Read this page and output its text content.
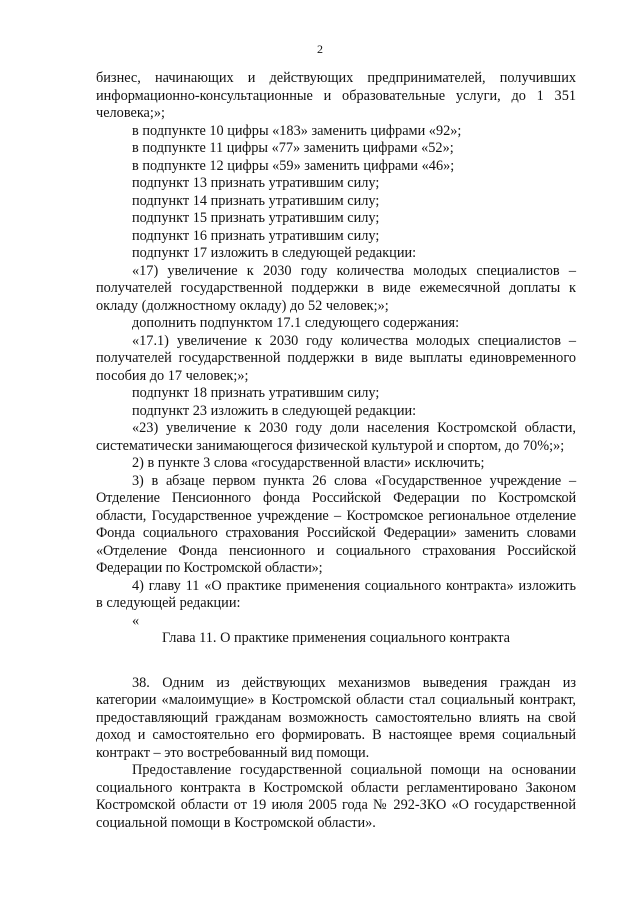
2

бизнес, начинающих и действующих предпринимателей, получивших информационно-консультационные и образовательные услуги, до 1 351 человека;»;

в подпункте 10 цифры «183» заменить цифрами «92»;

в подпункте 11 цифры «77» заменить цифрами «52»;

в подпункте 12 цифры «59» заменить цифрами «46»;

подпункт 13 признать утратившим силу;

подпункт 14 признать утратившим силу;

подпункт 15 признать утратившим силу;

подпункт 16 признать утратившим силу;

подпункт 17 изложить в следующей редакции:

«17) увеличение к 2030 году количества молодых специалистов – получателей государственной поддержки в виде ежемесячной доплаты к окладу (должностному окладу) до 52 человек;»;

дополнить подпунктом 17.1 следующего содержания:

«17.1) увеличение к 2030 году количества молодых специалистов – получателей государственной поддержки в виде выплаты единовременного пособия до 17 человек;»;

подпункт 18 признать утратившим силу;

подпункт 23 изложить в следующей редакции:

«23) увеличение к 2030 году доли населения Костромской области, систематически занимающегося физической культурой и спортом, до 70%;»;

2) в пункте 3 слова «государственной власти» исключить;

3) в абзаце первом пункта 26 слова «Государственное учреждение – Отделение Пенсионного фонда Российской Федерации по Костромской области, Государственное учреждение – Костромское региональное отделение Фонда социального страхования Российской Федерации» заменить словами «Отделение Фонда пенсионного и социального страхования Российской Федерации по Костромской области»;

4) главу 11 «О практике применения социального контракта» изложить в следующей редакции:

«

Глава 11. О практике применения социального контракта

38. Одним из действующих механизмов выведения граждан из категории «малоимущие» в Костромской области стал социальный контракт, предоставляющий гражданам возможность самостоятельно влиять на свой доход и самостоятельно его формировать. В настоящее время социальный контракт – это востребованный вид помощи.

Предоставление государственной социальной помощи на основании социального контракта в Костромской области регламентировано Законом Костромской области от 19 июля 2005 года № 292-ЗКО «О государственной социальной помощи в Костромской области».
